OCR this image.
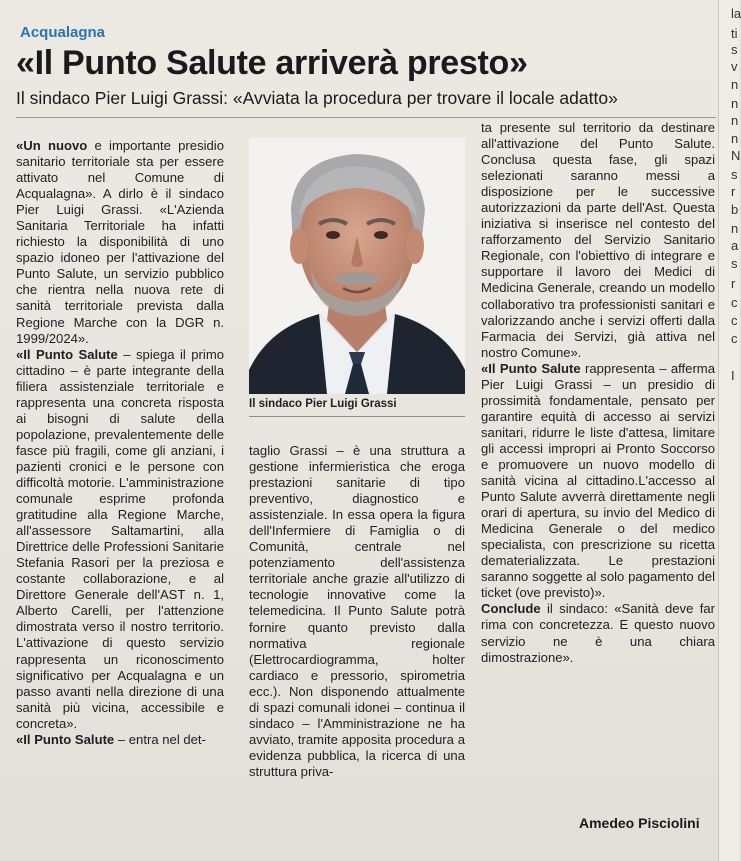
Acqualagna
«Il Punto Salute arriverà presto»
Il sindaco Pier Luigi Grassi: «Avviata la procedura per trovare il locale adatto»

«Un nuovo e importante presidio sanitario territoriale sta per essere attivato nel Comune di Acqualagna». A dirlo è il sindaco Pier Luigi Grassi. «L'Azienda Sanitaria Territoriale ha infatti richiesto la disponibilità di uno spazio idoneo per l'attivazione del Punto Salute, un servizio pubblico che rientra nella nuova rete di sanità territoriale prevista dalla Regione Marche con la DGR n. 1999/2024».

«Il Punto Salute – spiega il primo cittadino – è parte integrante della filiera assistenziale territoriale e rappresenta una concreta risposta ai bisogni di salute della popolazione, prevalentemente delle fasce più fragili, come gli anziani, i pazienti cronici e le persone con difficoltà motorie. L'amministrazione comunale esprime profonda gratitudine alla Regione Marche, all'assessore Saltamartini, alla Direttrice delle Professioni Sanitarie Stefania Rasori per la preziosa e costante collaborazione, e al Direttore Generale dell'AST n. 1, Alberto Carelli, per l'attenzione dimostrata verso il nostro territorio. L'attivazione di questo servizio rappresenta un riconoscimento significativo per Acqualagna e un passo avanti nella direzione di una sanità più vicina, accessibile e concreta».

«Il Punto Salute – entra nel det-

Il sindaco Pier Luigi Grassi

taglio Grassi – è una struttura a gestione infermieristica che eroga prestazioni sanitarie di tipo preventivo, diagnostico e assistenziale. In essa opera la figura dell'Infermiere di Famiglia o di Comunità, centrale nel potenziamento dell'assistenza territoriale anche grazie all'utilizzo di tecnologie innovative come la telemedicina. Il Punto Salute potrà fornire quanto previsto dalla normativa regionale (Elettrocardiogramma, holter cardiaco e pressorio, spirometria ecc.). Non disponendo attualmente di spazi comunali idonei – continua il sindaco – l'Amministrazione ne ha avviato, tramite apposita procedura a evidenza pubblica, la ricerca di una struttura priva-

ta presente sul territorio da destinare all'attivazione del Punto Salute. Conclusa questa fase, gli spazi selezionati saranno messi a disposizione per le successive autorizzazioni da parte dell'Ast. Questa iniziativa si inserisce nel contesto del rafforzamento del Servizio Sanitario Regionale, con l'obiettivo di integrare e supportare il lavoro dei Medici di Medicina Generale, creando un modello collaborativo tra professionisti sanitari e valorizzando anche i servizi offerti dalla Farmacia dei Servizi, già attiva nel nostro Comune».

«Il Punto Salute rappresenta – afferma Pier Luigi Grassi – un presidio di prossimità fondamentale, pensato per garantire equità di accesso ai servizi sanitari, ridurre le liste d'attesa, limitare gli accessi impropri ai Pronto Soccorso e promuovere un nuovo modello di sanità vicina al cittadino.L'accesso al Punto Salute avverrà direttamente negli orari di apertura, su invio del Medico di Medicina Generale o del medico specialista, con prescrizione su ricetta dematerializzata. Le prestazioni saranno soggette al solo pagamento del ticket (ove previsto)».

Conclude il sindaco: «Sanità deve far rima con concretezza. E questo nuovo servizio ne è una chiara dimostrazione».

Amedeo Pisciolini
la
ti
s
v
n
n
n
n
N
s
r
b
n
a
s
r
c
c
c
I
